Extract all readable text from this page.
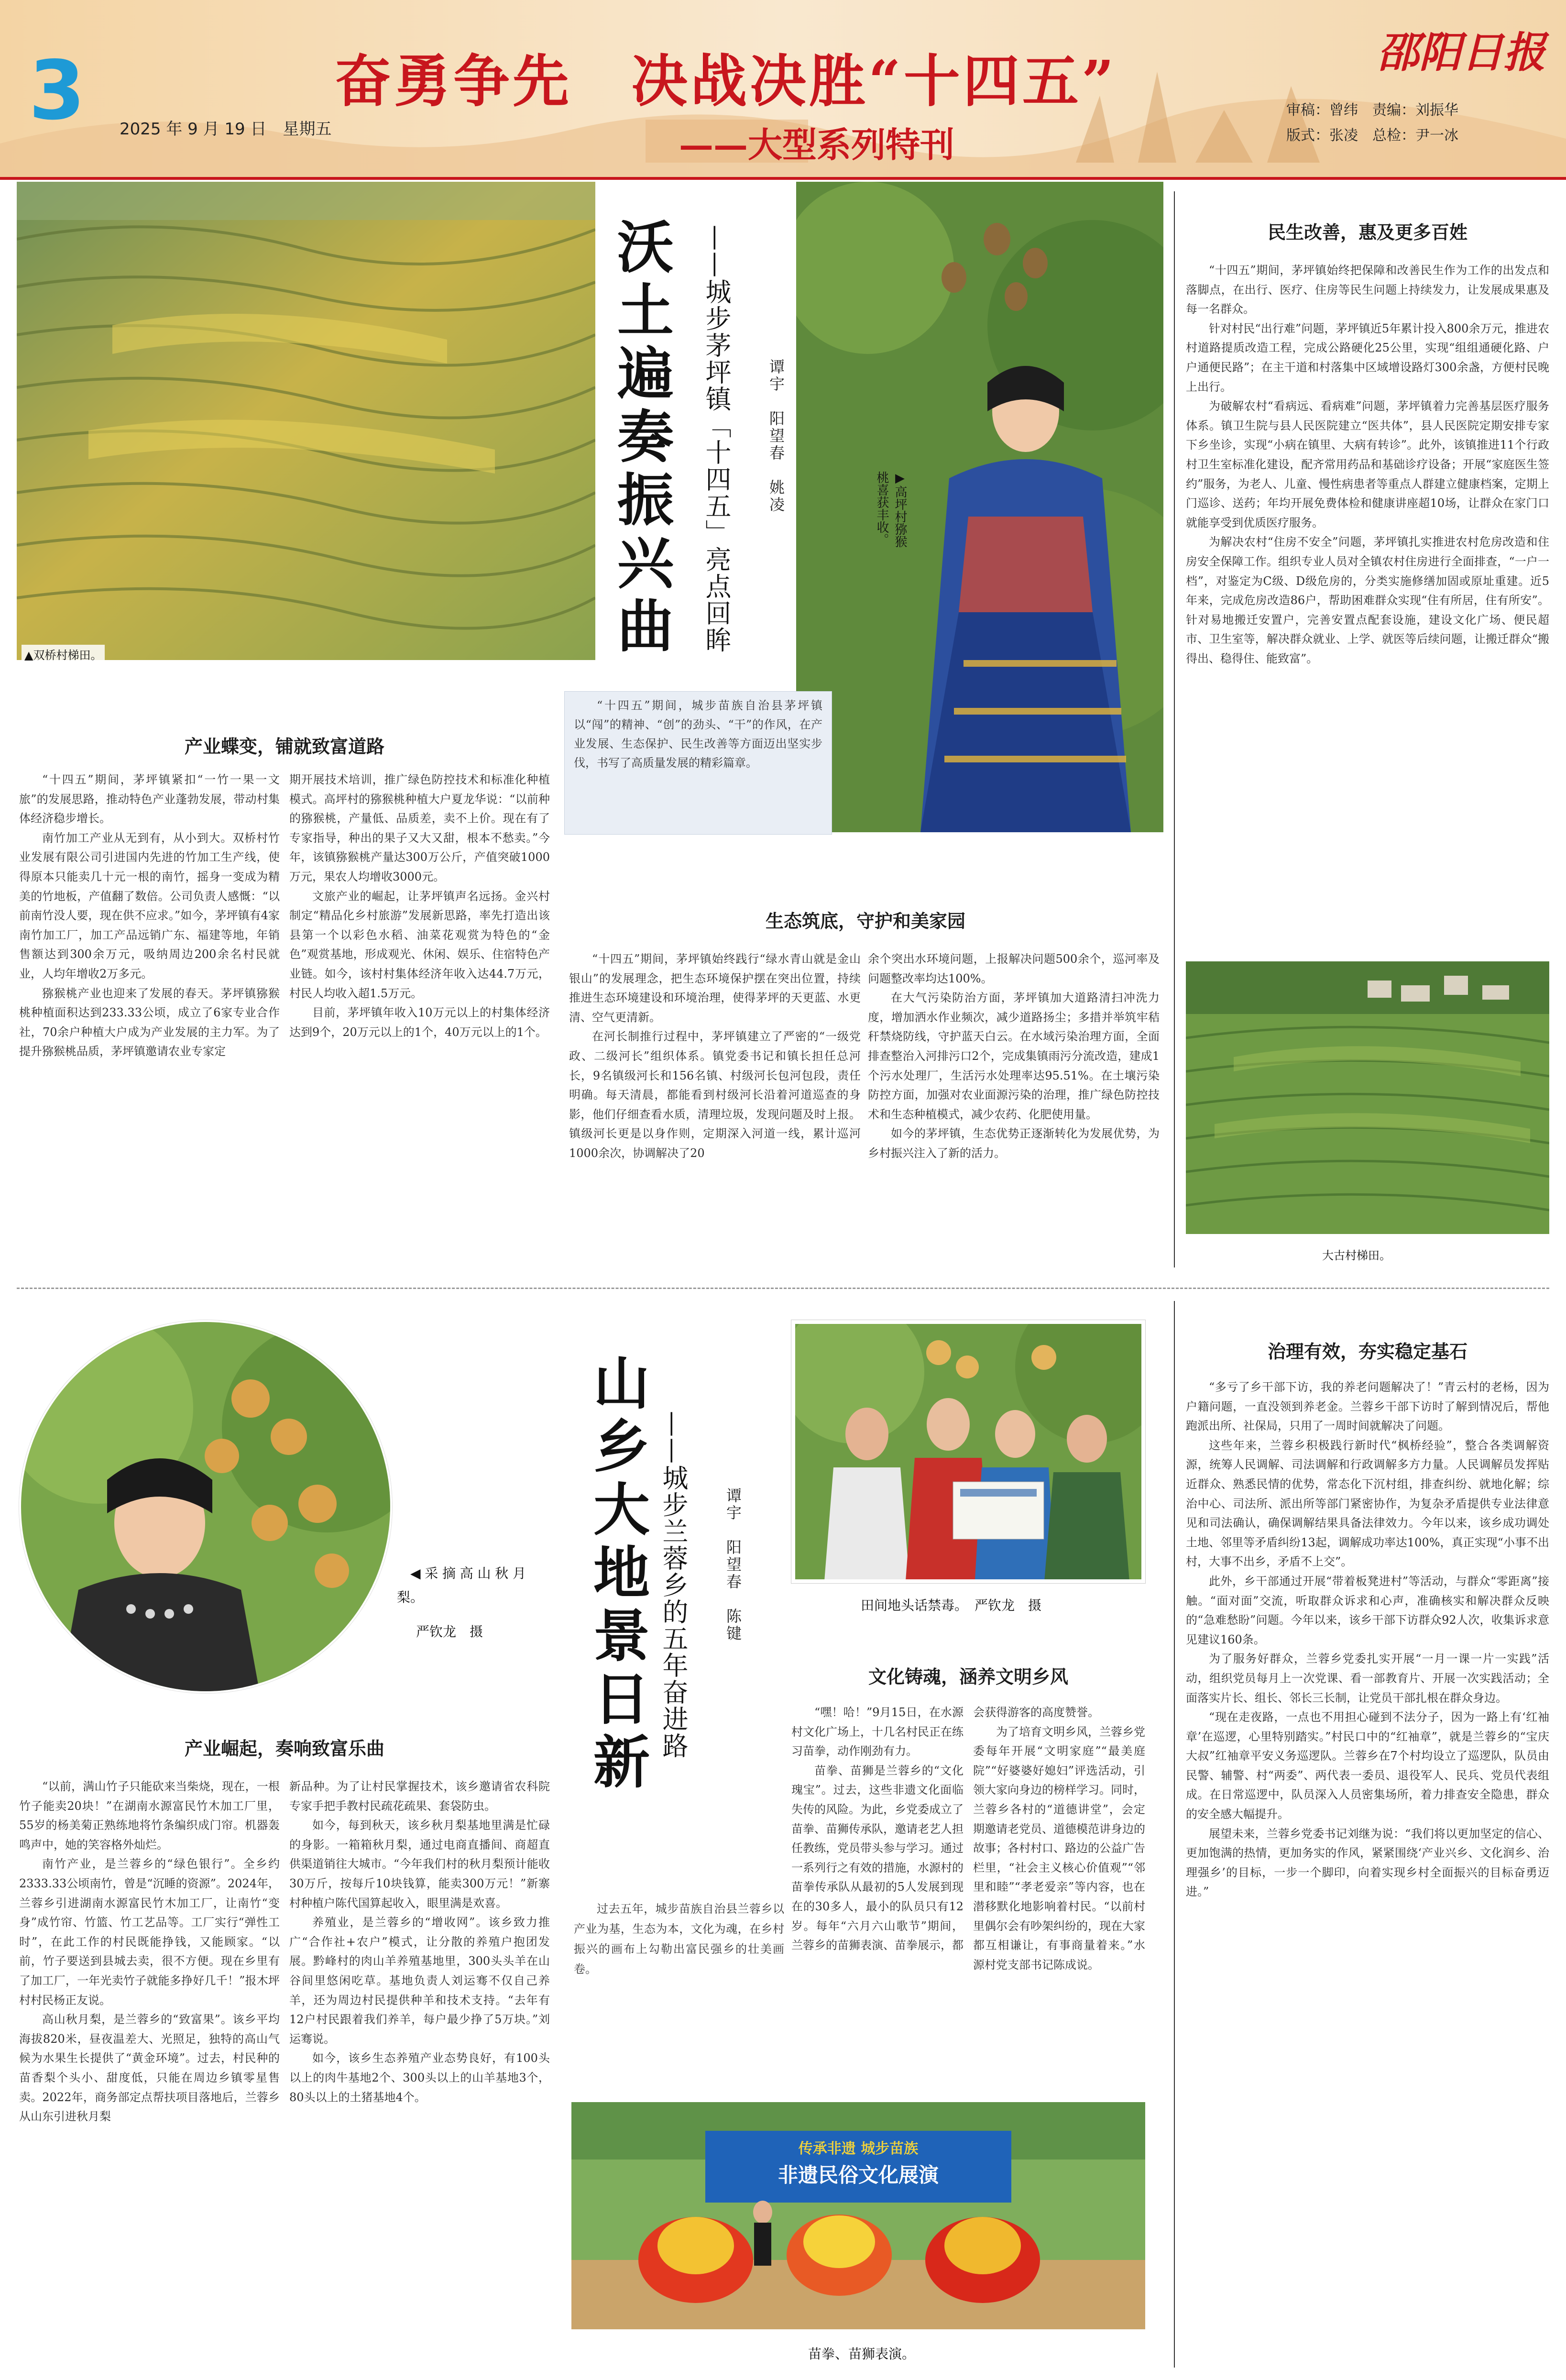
3 2025 年 9 月 19 日　星期五
奋勇争先　决战决胜“十四五”
——大型系列特刊
邵阳日报
审稿：曾纬　责编：刘振华
版式：张凌　总检：尹一冰
▲双桥村梯田。	沃土遍奏振兴曲 ——城步茅坪镇「十四五」亮点回眸 谭宇　阳望春　姚凌	▶高坪村猕猴桃喜获丰收。
“十四五”期间，城步苗族自治县茅坪镇以“闯”的精神、“创”的劲头、“干”的作风，在产业发展、生态保护、民生改善等方面迈出坚实步伐，书写了高质量发展的精彩篇章。
产业蝶变，铺就致富道路

“十四五”期间，茅坪镇紧扣“一竹一果一文旅”的发展思路，推动特色产业蓬勃发展，带动村集体经济稳步增长。

南竹加工产业从无到有，从小到大。双桥村竹业发展有限公司引进国内先进的竹加工生产线，使得原本只能卖几十元一根的南竹，摇身一变成为精美的竹地板，产值翻了数倍。公司负责人感慨：“以前南竹没人要，现在供不应求。”如今，茅坪镇有4家南竹加工厂，加工产品远销广东、福建等地，年销售额达到300余万元，吸纳周边200余名村民就业，人均年增收2万多元。

猕猴桃产业也迎来了发展的春天。茅坪镇猕猴桃种植面积达到233.33公顷，成立了6家专业合作社，70余户种植大户成为产业发展的主力军。为了提升猕猴桃品质，茅坪镇邀请农业专家定

期开展技术培训，推广绿色防控技术和标准化种植模式。高坪村的猕猴桃种植大户夏龙华说：“以前种的猕猴桃，产量低、品质差，卖不上价。现在有了专家指导，种出的果子又大又甜，根本不愁卖。”今年，该镇猕猴桃产量达300万公斤，产值突破1000万元，果农人均增收3000元。

文旅产业的崛起，让茅坪镇声名远扬。金兴村制定“精品化乡村旅游”发展新思路，率先打造出该县第一个以彩色水稻、油菜花观赏为特色的“金色”观赏基地，形成观光、休闲、娱乐、住宿特色产业链。如今，该村村集体经济年收入达44.7万元，村民人均收入超1.5万元。

目前，茅坪镇年收入10万元以上的村集体经济达到9个，20万元以上的1个，40万元以上的1个。

生态筑底，守护和美家园

“十四五”期间，茅坪镇始终践行“绿水青山就是金山银山”的发展理念，把生态环境保护摆在突出位置，持续推进生态环境建设和环境治理，使得茅坪的天更蓝、水更清、空气更清新。

在河长制推行过程中，茅坪镇建立了严密的“一级党政、二级河长”组织体系。镇党委书记和镇长担任总河长，9名镇级河长和156名镇、村级河长包河包段，责任明确。每天清晨，都能看到村级河长沿着河道巡查的身影，他们仔细查看水质，清理垃圾，发现问题及时上报。镇级河长更是以身作则，定期深入河道一线，累计巡河1000余次，协调解决了20

余个突出水环境问题，上报解决问题500余个，巡河率及问题整改率均达100%。

在大气污染防治方面，茅坪镇加大道路清扫冲洗力度，增加洒水作业频次，减少道路扬尘；多措并举筑牢秸秆禁烧防线，守护蓝天白云。在水域污染治理方面，全面排查整治入河排污口2个，完成集镇雨污分流改造，建成1个污水处理厂，生活污水处理率达95.51%。在土壤污染防控方面，加强对农业面源污染的治理，推广绿色防控技术和生态种植模式，减少农药、化肥使用量。

如今的茅坪镇，生态优势正逐渐转化为发展优势，为乡村振兴注入了新的活力。

民生改善，惠及更多百姓

“十四五”期间，茅坪镇始终把保障和改善民生作为工作的出发点和落脚点，在出行、医疗、住房等民生问题上持续发力，让发展成果惠及每一名群众。

针对村民“出行难”问题，茅坪镇近5年累计投入800余万元，推进农村道路提质改造工程，完成公路硬化25公里，实现“组组通硬化路、户户通便民路”；在主干道和村落集中区域增设路灯300余盏，方便村民晚上出行。

为破解农村“看病远、看病难”问题，茅坪镇着力完善基层医疗服务体系。镇卫生院与县人民医院建立“医共体”，县人民医院定期安排专家下乡坐诊，实现“小病在镇里、大病有转诊”。此外，该镇推进11个行政村卫生室标准化建设，配齐常用药品和基础诊疗设备；开展“家庭医生签约”服务，为老人、儿童、慢性病患者等重点人群建立健康档案，定期上门巡诊、送药；年均开展免费体检和健康讲座超10场，让群众在家门口就能享受到优质医疗服务。

为解决农村“住房不安全”问题，茅坪镇扎实推进农村危房改造和住房安全保障工作。组织专业人员对全镇农村住房进行全面排查，“一户一档”，对鉴定为C级、D级危房的，分类实施修缮加固或原址重建。近5年来，完成危房改造86户，帮助困难群众实现“住有所居，住有所安”。针对易地搬迁安置户，完善安置点配套设施，建设文化广场、便民超市、卫生室等，解决群众就业、上学、就医等后续问题，让搬迁群众“搬得出、稳得住、能致富”。

大古村梯田。
◀采摘高山秋月梨。
严钦龙　摄 山乡大地景日新 ——城步兰蓉乡的五年奋进路 谭宇　阳望春　陈键	田间地头话禁毒。　严钦龙　摄
过去五年，城步苗族自治县兰蓉乡以产业为基，生态为本，文化为魂，在乡村振兴的画布上勾勒出富民强乡的壮美画卷。
产业崛起，奏响致富乐曲

“以前，满山竹子只能砍来当柴烧，现在，一根竹子能卖20块！”在湖南水源富民竹木加工厂里，55岁的杨美菊正熟练地将竹条编织成门帘。机器轰鸣声中，她的笑容格外灿烂。

南竹产业，是兰蓉乡的“绿色银行”。全乡约2333.33公顷南竹，曾是“沉睡的资源”。2024年，兰蓉乡引进湖南水源富民竹木加工厂，让南竹“变身”成竹帘、竹篮、竹工艺品等。工厂实行“弹性工时”，在此工作的村民既能挣钱，又能顾家。“以前，竹子要送到县城去卖，很不方便。现在乡里有了加工厂，一年光卖竹子就能多挣好几千！”报木坪村村民杨正友说。

高山秋月梨，是兰蓉乡的“致富果”。该乡平均海拔820米，昼夜温差大、光照足，独特的高山气候为水果生长提供了“黄金环境”。过去，村民种的苗香梨个头小、甜度低，只能在周边乡镇零星售卖。2022年，商务部定点帮扶项目落地后，兰蓉乡从山东引进秋月梨

新品种。为了让村民掌握技术，该乡邀请省农科院专家手把手教村民疏花疏果、套袋防虫。

如今，每到秋天，该乡秋月梨基地里满是忙碌的身影。一箱箱秋月梨，通过电商直播间、商超直供渠道销往大城市。“今年我们村的秋月梨预计能收30万斤，按每斤10块钱算，能卖300万元！”新寨村种植户陈代国算起收入，眼里满是欢喜。

养殖业，是兰蓉乡的“增收网”。该乡致力推广“合作社+农户”模式，让分散的养殖户抱团发展。黔峰村的肉山羊养殖基地里，300头头羊在山谷间里悠闲吃草。基地负责人刘运骞不仅自己养羊，还为周边村民提供种羊和技术支持。“去年有12户村民跟着我们养羊，每户最少挣了5万块。”刘运骞说。

如今，该乡生态养殖产业态势良好，有100头以上的肉牛基地2个、300头以上的山羊基地3个，80头以上的土猪基地4个。

文化铸魂，涵养文明乡风

“嘿！哈！”9月15日，在水源村文化广场上，十几名村民正在练习苗拳，动作刚劲有力。

苗拳、苗狮是兰蓉乡的“文化瑰宝”。过去，这些非遗文化面临失传的风险。为此，乡党委成立了苗拳、苗狮传承队，邀请老艺人担任教练，党员带头参与学习。通过一系列行之有效的措施，水源村的苗拳传承队从最初的5人发展到现在的30多人，最小的队员只有12岁。每年“六月六山歌节”期间，兰蓉乡的苗狮表演、苗拳展示，都

会获得游客的高度赞誉。

为了培育文明乡风，兰蓉乡党委每年开展“文明家庭”“最美庭院”“好婆婆好媳妇”评选活动，引领大家向身边的榜样学习。同时，兰蓉乡各村的“道德讲堂”，会定期邀请老党员、道德模范讲身边的故事；各村村口、路边的公益广告栏里，“社会主义核心价值观”“邻里和睦”“孝老爱亲”等内容，也在潜移默化地影响着村民。“以前村里偶尔会有吵架纠纷的，现在大家都互相谦让，有事商量着来。”水源村党支部书记陈成说。

传承非遗 城步苗族
非遗民俗文化展演
苗拳、苗狮表演。
治理有效，夯实稳定基石

“多亏了乡干部下访，我的养老问题解决了！”青云村的老杨，因为户籍问题，一直没领到养老金。兰蓉乡干部下访时了解到情况后，帮他跑派出所、社保局，只用了一周时间就解决了问题。

这些年来，兰蓉乡积极践行新时代“枫桥经验”，整合各类调解资源，统筹人民调解、司法调解和行政调解多方力量。人民调解员发挥贴近群众、熟悉民情的优势，常态化下沉村组，排查纠纷、就地化解；综治中心、司法所、派出所等部门紧密协作，为复杂矛盾提供专业法律意见和司法确认，确保调解结果具备法律效力。今年以来，该乡成功调处土地、邻里等矛盾纠纷13起，调解成功率达100%，真正实现“小事不出村，大事不出乡，矛盾不上交”。

此外，乡干部通过开展“带着板凳进村”等活动，与群众“零距离”接触。“面对面”交流，听取群众诉求和心声，准确核实和解决群众反映的“急难愁盼”问题。今年以来，该乡干部下访群众92人次，收集诉求意见建议160条。

为了服务好群众，兰蓉乡党委扎实开展“一月一课一片一实践”活动，组织党员每月上一次党课、看一部教育片、开展一次实践活动；全面落实片长、组长、邻长三长制，让党员干部扎根在群众身边。

“现在走夜路，一点也不用担心碰到不法分子，因为一路上有‘红袖章’在巡逻，心里特别踏实。”村民口中的“红袖章”，就是兰蓉乡的“宝庆大叔”红袖章平安义务巡逻队。兰蓉乡在7个村均设立了巡逻队，队员由民警、辅警、村“两委”、两代表一委员、退役军人、民兵、党员代表组成。在日常巡逻中，队员深入人员密集场所，着力排查安全隐患，群众的安全感大幅提升。

展望未来，兰蓉乡党委书记刘继为说：“我们将以更加坚定的信心、更加饱满的热情，更加务实的作风，紧紧围绕‘产业兴乡、文化润乡、治理强乡’的目标，一步一个脚印，向着实现乡村全面振兴的目标奋勇迈进。”
